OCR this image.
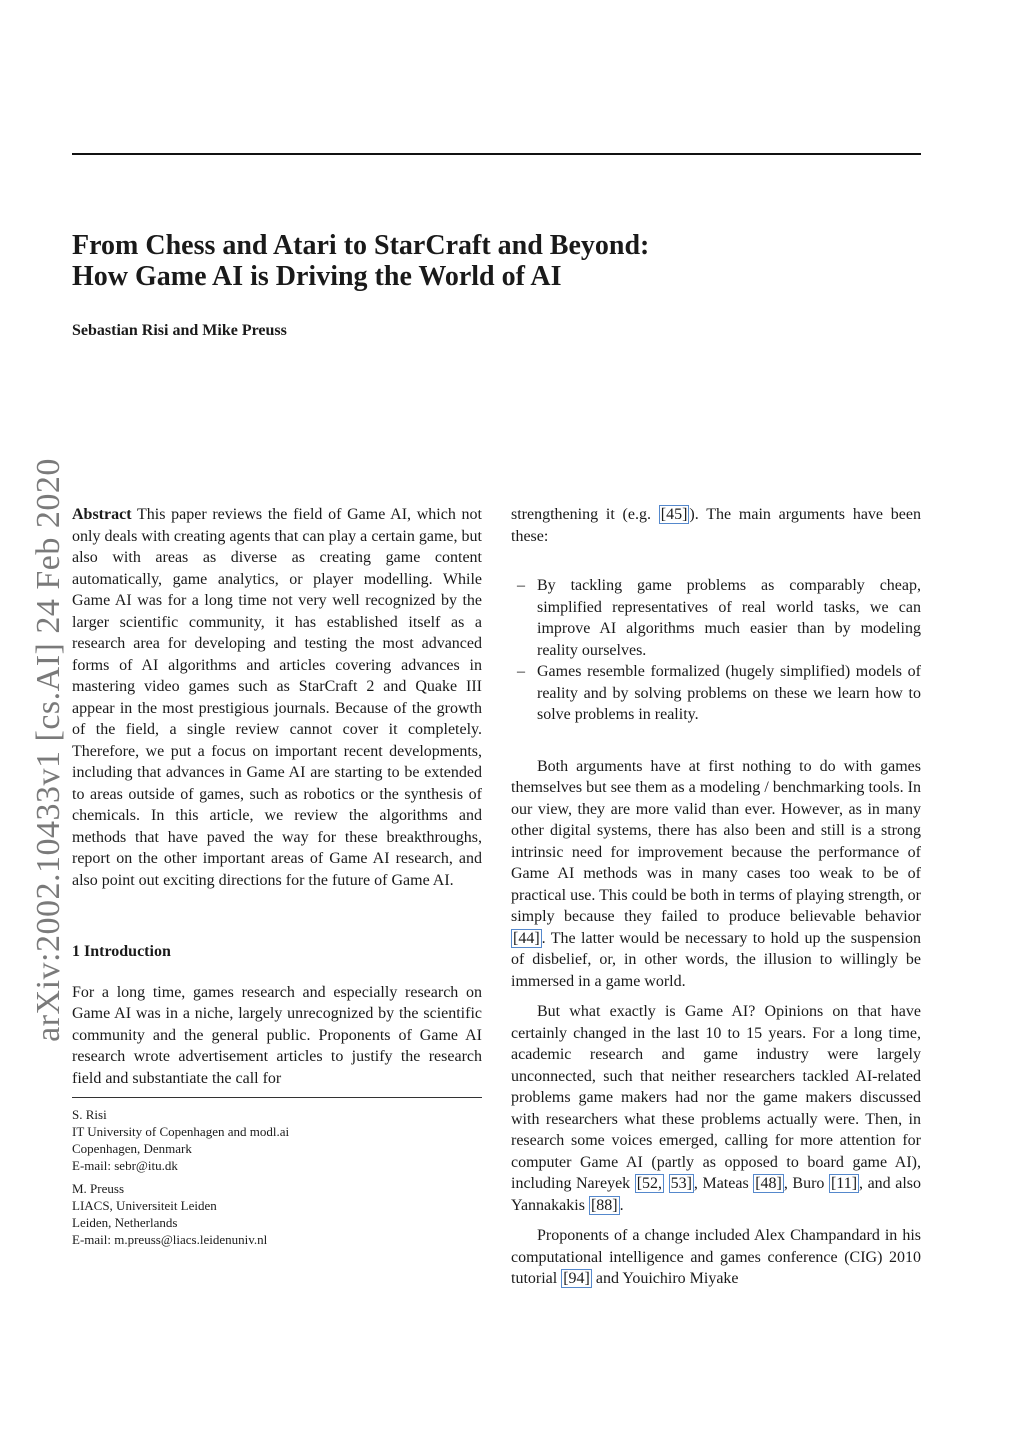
From Chess and Atari to StarCraft and Beyond:
How Game AI is Driving the World of AI
Sebastian Risi and Mike Preuss
arXiv:2002.10433v1 [cs.AI] 24 Feb 2020 Abstract This paper reviews the field of Game AI, which not only deals with creating agents that can play a certain game, but also with areas as diverse as creating game content automatically, game analytics, or player modelling. While Game AI was for a long time not very well recognized by the larger scientific community, it has established itself as a research area for developing and testing the most advanced forms of AI algorithms and articles covering advances in mastering video games such as StarCraft 2 and Quake III appear in the most prestigious journals. Because of the growth of the field, a single review cannot cover it completely. Therefore, we put a focus on important recent developments, including that advances in Game AI are starting to be extended to areas outside of games, such as robotics or the synthesis of chemicals. In this article, we review the algorithms and methods that have paved the way for these breakthroughs, report on the other important areas of Game AI research, and also point out exciting directions for the future of Game AI.

1 Introduction

For a long time, games research and especially research on Game AI was in a niche, largely unrecognized by the scientific community and the general public. Proponents of Game AI research wrote advertisement articles to justify the research field and substantiate the call for

S. Risi
IT University of Copenhagen and modl.ai
Copenhagen, Denmark
E-mail: sebr@itu.dk
M. Preuss
LIACS, Universiteit Leiden
Leiden, Netherlands
E-mail: m.preuss@liacs.leidenuniv.nl

strengthening it (e.g. [45] ). The main arguments have been these:

– By tackling game problems as comparably cheap, simplified representatives of real world tasks, we can improve AI algorithms much easier than by modeling reality ourselves.
– Games resemble formalized (hugely simplified) models of reality and by solving problems on these we learn how to solve problems in reality.

Both arguments have at first nothing to do with games themselves but see them as a modeling / benchmarking tools. In our view, they are more valid than ever. However, as in many other digital systems, there has also been and still is a strong intrinsic need for improvement because the performance of Game AI methods was in many cases too weak to be of practical use. This could be both in terms of playing strength, or simply because they failed to produce believable behavior [44] . The latter would be necessary to hold up the suspension of disbelief, or, in other words, the illusion to willingly be immersed in a game world.

But what exactly is Game AI? Opinions on that have certainly changed in the last 10 to 15 years. For a long time, academic research and game industry were largely unconnected, such that neither researchers tackled AI-related problems game makers had nor the game makers discussed with researchers what these problems actually were. Then, in research some voices emerged, calling for more attention for computer Game AI (partly as opposed to board game AI), including Nareyek [52, 53] , Mateas [48] , Buro [11] , and also Yannakakis [88] .

Proponents of a change included Alex Champandard in his computational intelligence and games conference (CIG) 2010 tutorial [94] and Youichiro Miyake
